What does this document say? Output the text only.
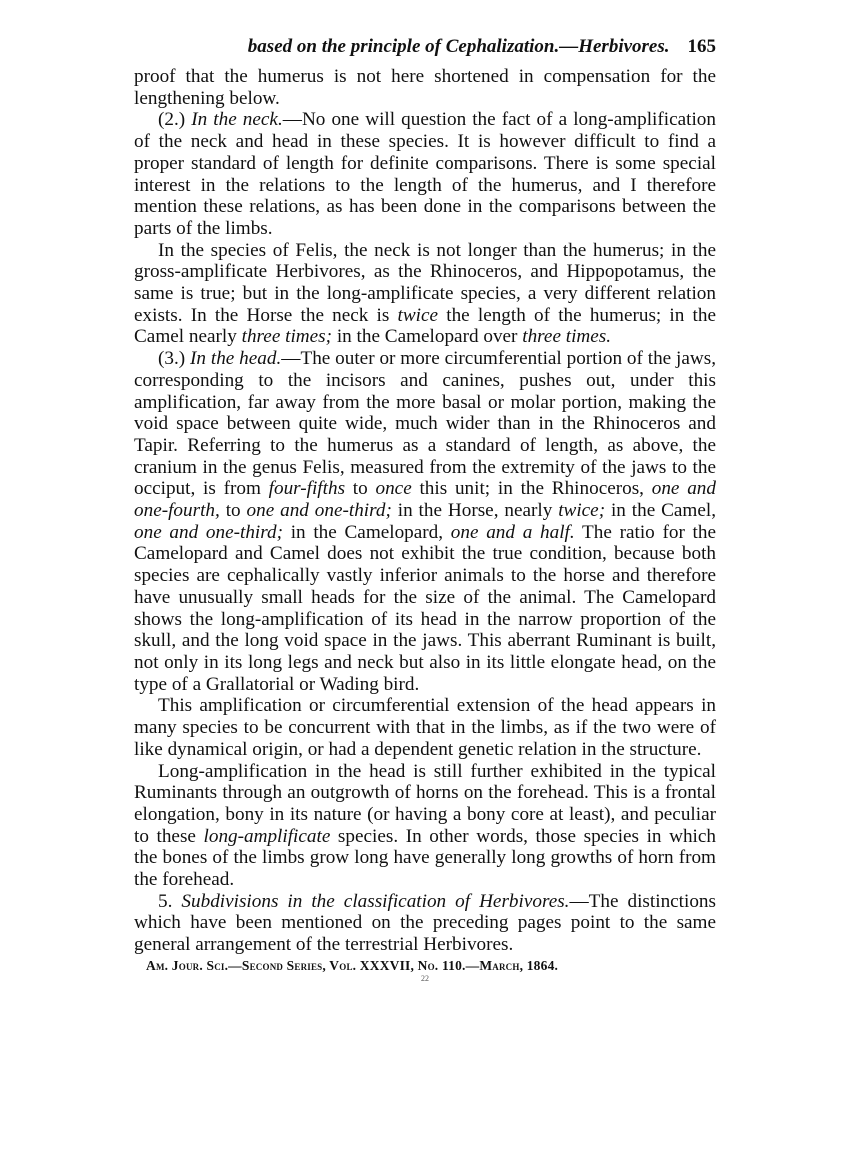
based on the principle of Cephalization.—Herbivores. 165

proof that the humerus is not here shortened in compensation for the lengthening below.

(2.) In the neck.—No one will question the fact of a long-amplification of the neck and head in these species. It is however difficult to find a proper standard of length for definite comparisons. There is some special interest in the relations to the length of the humerus, and I therefore mention these relations, as has been done in the comparisons between the parts of the limbs.

In the species of Felis, the neck is not longer than the humerus; in the gross-amplificate Herbivores, as the Rhinoceros, and Hippopotamus, the same is true; but in the long-amplificate species, a very different relation exists. In the Horse the neck is twice the length of the humerus; in the Camel nearly three times; in the Camelopard over three times.

(3.) In the head.—The outer or more circumferential portion of the jaws, corresponding to the incisors and canines, pushes out, under this amplification, far away from the more basal or molar portion, making the void space between quite wide, much wider than in the Rhinoceros and Tapir. Referring to the humerus as a standard of length, as above, the cranium in the genus Felis, measured from the extremity of the jaws to the occiput, is from four-fifths to once this unit; in the Rhinoceros, one and one-fourth, to one and one-third; in the Horse, nearly twice; in the Camel, one and one-third; in the Camelopard, one and a half. The ratio for the Camelopard and Camel does not exhibit the true condition, because both species are cephalically vastly inferior animals to the horse and therefore have unusually small heads for the size of the animal. The Camelopard shows the long-amplification of its head in the narrow proportion of the skull, and the long void space in the jaws. This aberrant Ruminant is built, not only in its long legs and neck but also in its little elongate head, on the type of a Grallatorial or Wading bird.

This amplification or circumferential extension of the head appears in many species to be concurrent with that in the limbs, as if the two were of like dynamical origin, or had a dependent genetic relation in the structure.

Long-amplification in the head is still further exhibited in the typical Ruminants through an outgrowth of horns on the forehead. This is a frontal elongation, bony in its nature (or having a bony core at least), and peculiar to these long-amplificate species. In other words, those species in which the bones of the limbs grow long have generally long growths of horn from the forehead.

5. Subdivisions in the classification of Herbivores.—The distinctions which have been mentioned on the preceding pages point to the same general arrangement of the terrestrial Herbivores.

Am. Jour. Sci.—Second Series, Vol. XXXVII, No. 110.—March, 1864.
22
